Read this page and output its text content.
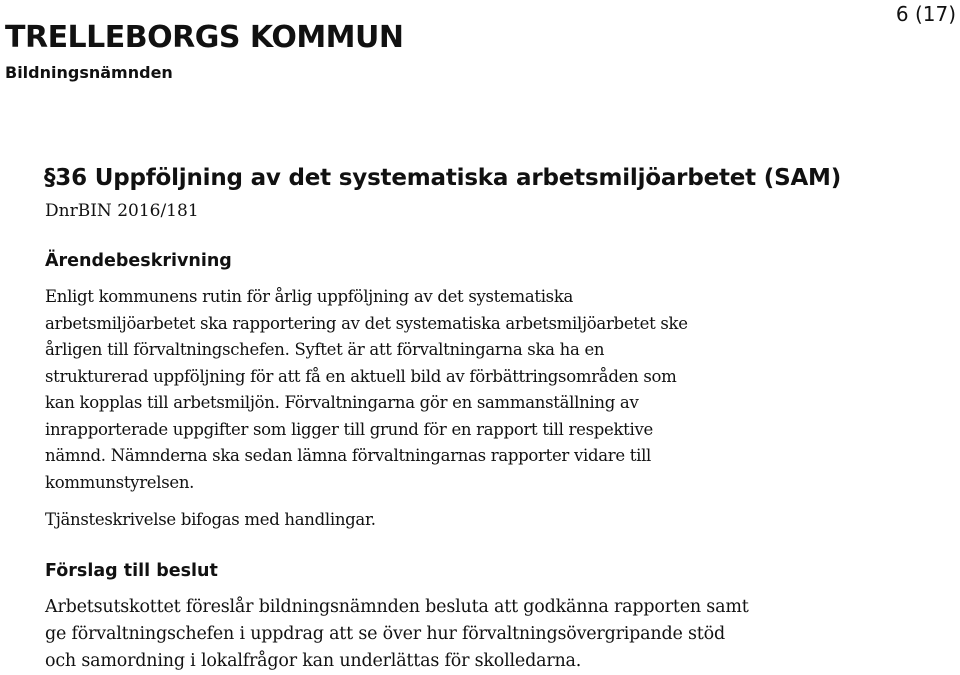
TRELLEBORGS KOMMUN
Bildningsnämnden
6 (17)
§36 Uppföljning av det systematiska arbetsmiljöarbetet (SAM)
DnrBIN 2016/181
Ärendebeskrivning
Enligt kommunens rutin för årlig uppföljning av det systematiska
arbetsmiljöarbetet ska rapportering av det systematiska arbetsmiljöarbetet ske
årligen till förvaltningschefen. Syftet är att förvaltningarna ska ha en
strukturerad uppföljning för att få en aktuell bild av förbättringsområden som
kan kopplas till arbetsmiljön. Förvaltningarna gör en sammanställning av
inrapporterade uppgifter som ligger till grund för en rapport till respektive
nämnd. Nämnderna ska sedan lämna förvaltningarnas rapporter vidare till
kommunstyrelsen.
Tjänsteskrivelse bifogas med handlingar.
Förslag till beslut
Arbetsutskottet föreslår bildningsnämnden besluta att godkänna rapporten samt
ge förvaltningschefen i uppdrag att se över hur förvaltningsövergripande stöd
och samordning i lokalfrågor kan underlättas för skolledarna.
